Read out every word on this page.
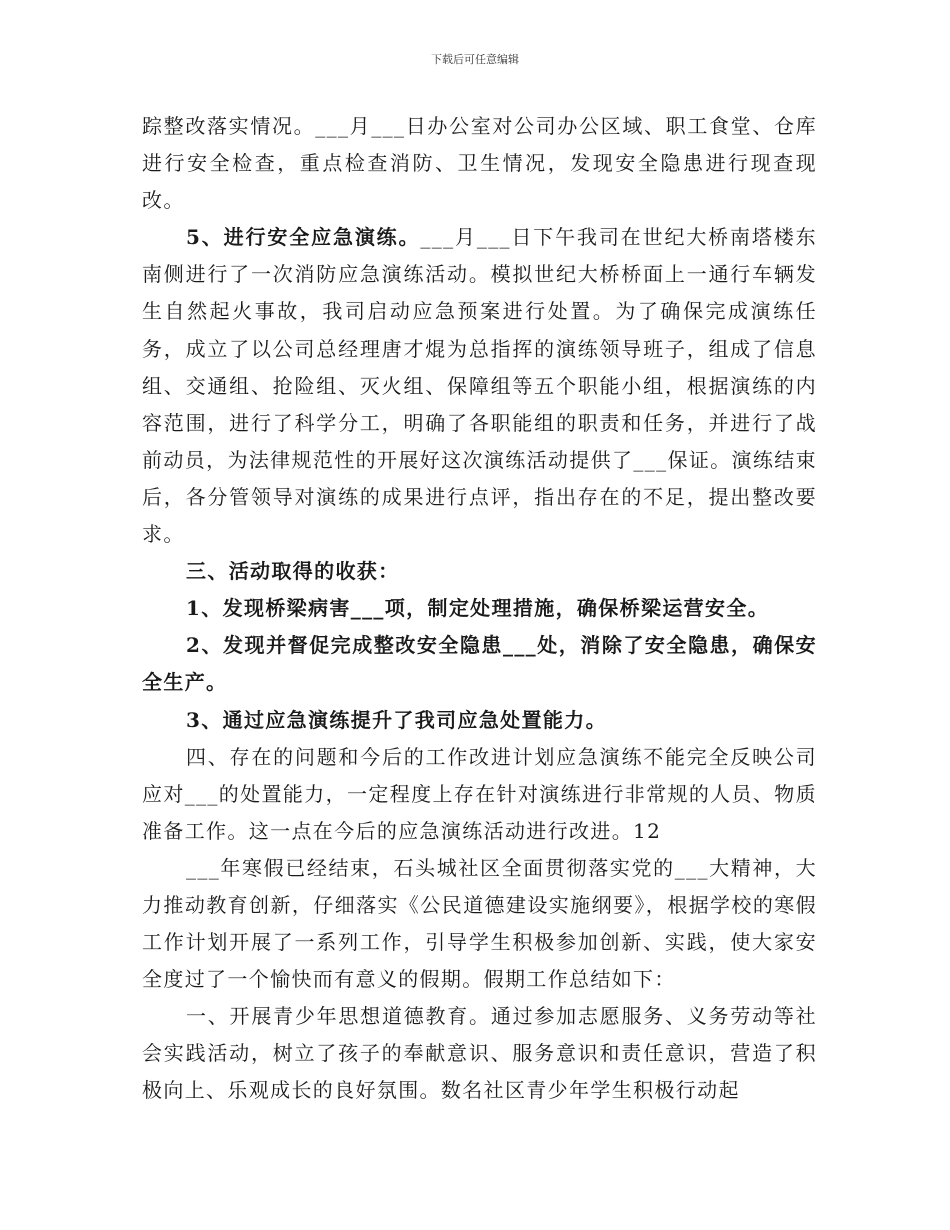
下载后可任意编辑

踪整改落实情况。___月___日办公室对公司办公区域、职工食堂、仓库进行安全检查，重点检查消防、卫生情况，发现安全隐患进行现查现改。

5、进行安全应急演练。___月___日下午我司在世纪大桥南塔楼东南侧进行了一次消防应急演练活动。模拟世纪大桥桥面上一通行车辆发生自然起火事故，我司启动应急预案进行处置。为了确保完成演练任务，成立了以公司总经理唐才焜为总指挥的演练领导班子，组成了信息组、交通组、抢险组、灭火组、保障组等五个职能小组，根据演练的内容范围，进行了科学分工，明确了各职能组的职责和任务，并进行了战前动员，为法律规范性的开展好这次演练活动提供了___保证。演练结束后，各分管领导对演练的成果进行点评，指出存在的不足，提出整改要求。

三、活动取得的收获：

1、发现桥梁病害___项，制定处理措施，确保桥梁运营安全。

2、发现并督促完成整改安全隐患___处，消除了安全隐患，确保安全生产。

3、通过应急演练提升了我司应急处置能力。

四、存在的问题和今后的工作改进计划应急演练不能完全反映公司应对___的处置能力，一定程度上存在针对演练进行非常规的人员、物质准备工作。这一点在今后的应急演练活动进行改进。12

___年寒假已经结束，石头城社区全面贯彻落实党的___大精神，大力推动教育创新，仔细落实《公民道德建设实施纲要》，根据学校的寒假工作计划开展了一系列工作，引导学生积极参加创新、实践，使大家安全度过了一个愉快而有意义的假期。假期工作总结如下：

一、开展青少年思想道德教育。通过参加志愿服务、义务劳动等社会实践活动，树立了孩子的奉献意识、服务意识和责任意识，营造了积极向上、乐观成长的良好氛围。数名社区青少年学生积极行动起
